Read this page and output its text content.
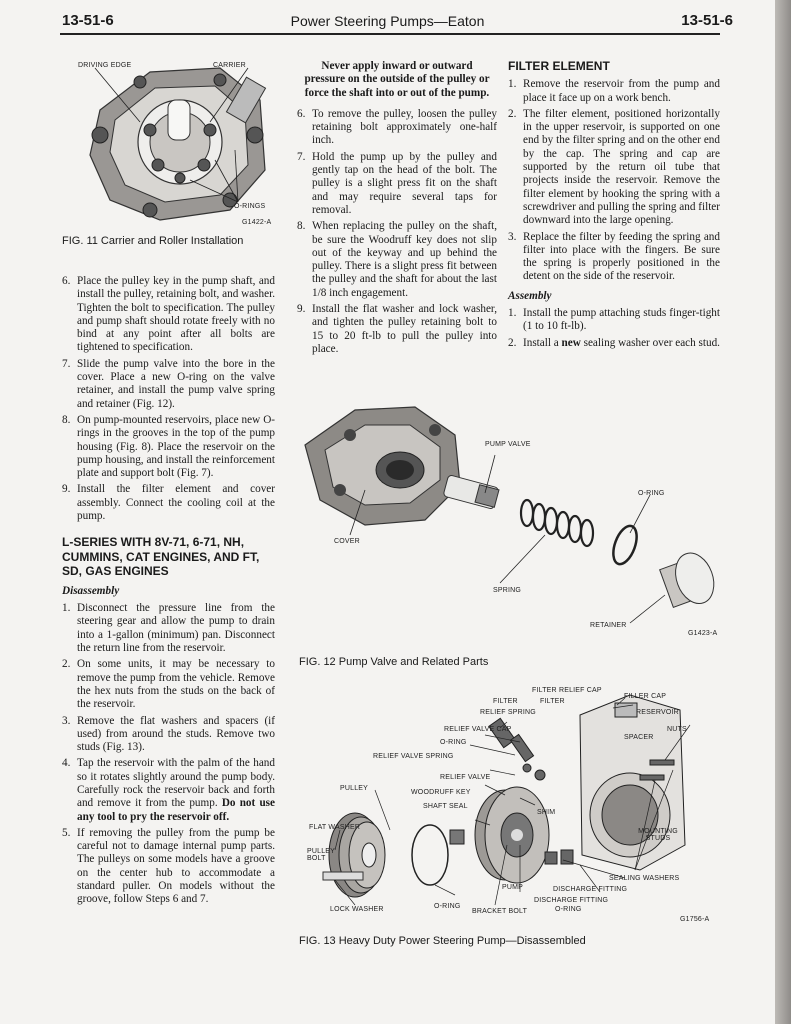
13-51-6	Power Steering Pumps—Eaton	13-51-6
DRIVING EDGE	CARRIER
O-RINGS
G1422-A
FIG. 11 Carrier and Roller Installation
6. Place the pulley key in the pump shaft, and install the pulley, retaining bolt, and washer. Tighten the bolt to specification. The pulley and pump shaft should rotate freely with no bind at any point after all bolts are tightened to specification.
7. Slide the pump valve into the bore in the cover. Place a new O-ring on the valve retainer, and install the pump valve spring and retainer (Fig. 12).
8. On pump-mounted reservoirs, place new O-rings in the grooves in the top of the pump housing (Fig. 8). Place the reservoir on the pump housing, and install the reinforcement plate and support bolt (Fig. 7).
9. Install the filter element and cover assembly. Connect the cooling coil at the pump.
L-SERIES WITH 8V-71, 6-71, NH, CUMMINS, CAT ENGINES, AND FT, SD, GAS ENGINES
Disassembly
1. Disconnect the pressure line from the steering gear and allow the pump to drain into a 1-gallon (minimum) pan. Disconnect the return line from the reservoir.
2. On some units, it may be necessary to remove the pump from the vehicle. Remove the hex nuts from the studs on the back of the reservoir.
3. Remove the flat washers and spacers (if used) from around the studs. Remove two studs (Fig. 13).
4. Tap the reservoir with the palm of the hand so it rotates slightly around the pump body. Carefully rock the reservoir back and forth and remove it from the pump. Do not use any tool to pry the reservoir off.
5. If removing the pulley from the pump be careful not to damage internal pump parts. The pulleys on some models have a groove on the center hub to accommodate a standard puller. On models without the groove, follow Steps 6 and 7.
Never apply inward or outward pressure on the outside of the pulley or force the shaft into or out of the pump.
6. To remove the pulley, loosen the pulley retaining bolt approximately one-half inch.
7. Hold the pump up by the pulley and gently tap on the head of the bolt. The pulley is a slight press fit on the shaft and may require several taps for removal.
8. When replacing the pulley on the shaft, be sure the Woodruff key does not slip out of the keyway and up behind the pulley. There is a slight press fit between the pulley and the shaft for about the last 1/8 inch engagement.
9. Install the flat washer and lock washer, and tighten the pulley retaining bolt to 15 to 20 ft-lb to pull the pulley into place.
FILTER ELEMENT
1. Remove the reservoir from the pump and place it face up on a work bench.
2. The filter element, positioned horizontally in the upper reservoir, is supported on one end by the filter spring and on the other end by the cap. The spring and cap are supported by the return oil tube that projects inside the reservoir. Remove the filter element by hooking the spring with a screwdriver and pulling the spring and filter downward into the large opening.
3. Replace the filter by feeding the spring and filter into place with the fingers. Be sure the spring is properly positioned in the detent on the side of the reservoir.
Assembly
1. Install the pump attaching studs finger-tight (1 to 10 ft-lb).
2. Install a new sealing washer over each stud.
PUMP VALVE
O-RING
COVER
SPRING
RETAINER
G1423-A
FIG. 12 Pump Valve and Related Parts
FILTER RELIEF CAP
FILTER	FILTER
FILLER CAP
RELIEF SPRING	RESERVOIR
RELIEF VALVE CAP	NUTS
SPACER
O-RING
RELIEF VALVE SPRING
RELIEF VALVE
PULLEY
WOODRUFF KEY
SHAFT SEAL
SHIM
FLAT WASHER
MOUNTING STUDS
PULLEY BOLT
SEALING WASHERS
PUMP	DISCHARGE FITTING
DISCHARGE FITTING
LOCK WASHER	O-RING
BRACKET BOLT	O-RING
G1756-A
FIG. 13 Heavy Duty Power Steering Pump—Disassembled
